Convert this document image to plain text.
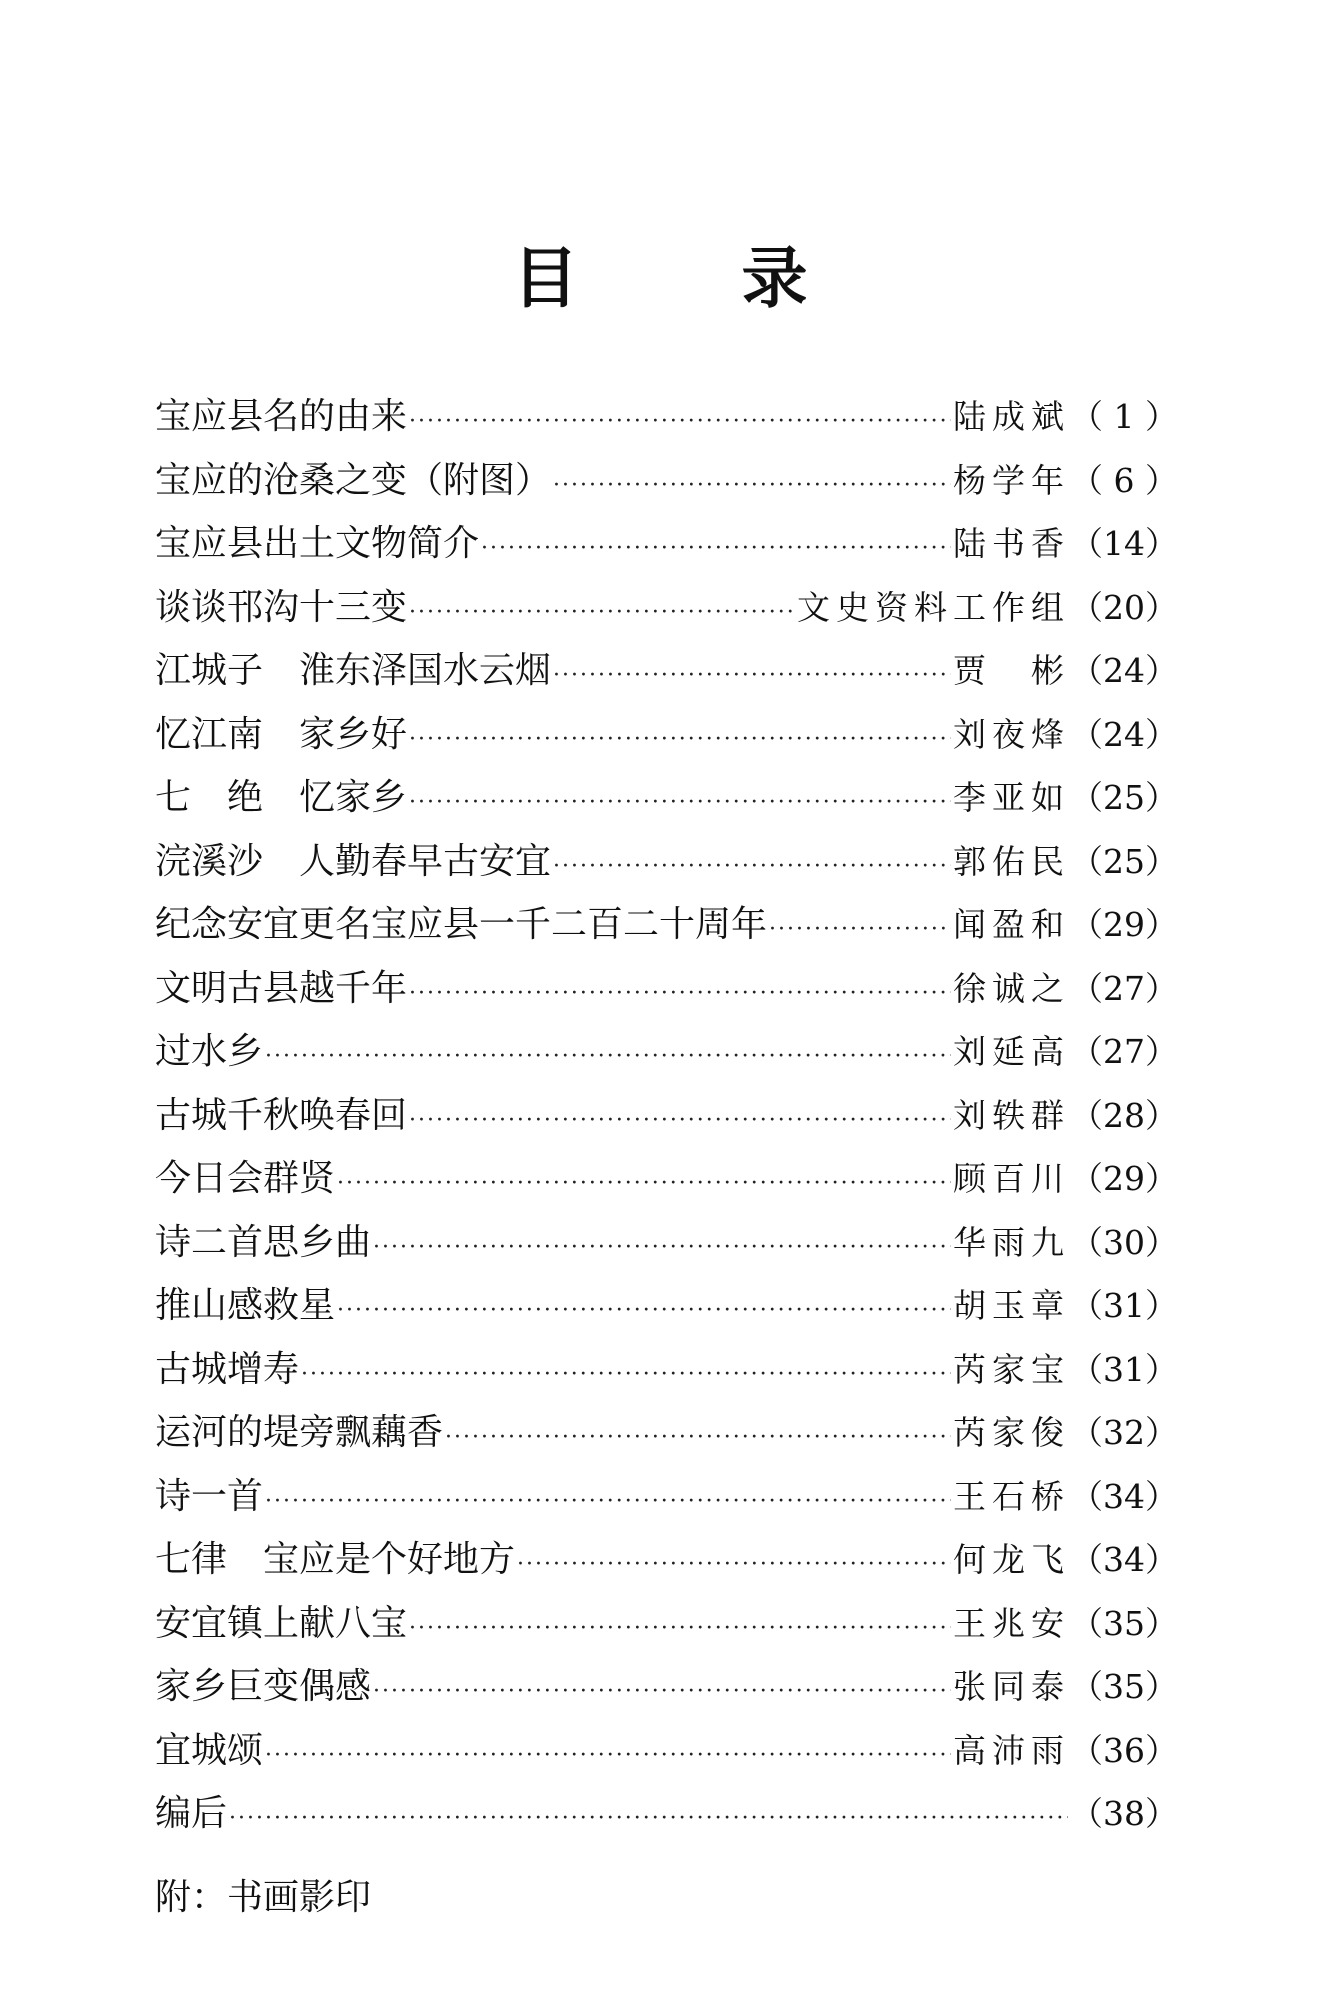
目 录
宝应县名的由来 ·····	陆成斌 （ 1 ）
宝应的沧桑之变（附图） ·····	杨学年 （ 6 ）
宝应县出土文物简介 ·····	陆书香 （14）
谈谈邗沟十三变 ·····	文史资料工作组 （20）
江城子　淮东泽国水云烟 ·····	贾　彬 （24）
忆江南　家乡好 ·····	刘夜烽 （24）
七　绝　忆家乡 ·····	李亚如 （25）
浣溪沙　人勤春早古安宜 ·····	郭佑民 （25）
纪念安宜更名宝应县一千二百二十周年 ·····	闻盈和 （29）
文明古县越千年 ·····	徐诚之 （27）
过水乡 ·····	刘延高 （27）
古城千秋唤春回 ·····	刘轶群 （28）
今日会群贤 ·····	顾百川 （29）
诗二首思乡曲 ·····	华雨九 （30）
推山感救星 ·····	胡玉章 （31）
古城增寿 ·····	芮家宝 （31）
运河的堤旁飘藕香 ·····	芮家俊 （32）
诗一首 ·····	王石桥 （34）
七律　宝应是个好地方 ·····	何龙飞 （34）
安宜镇上献八宝 ·····	王兆安 （35）
家乡巨变偶感 ·····	张同泰 （35）
宜城颂 ·····	高沛雨 （36）
编后 ·····	（38）
附：书画影印
